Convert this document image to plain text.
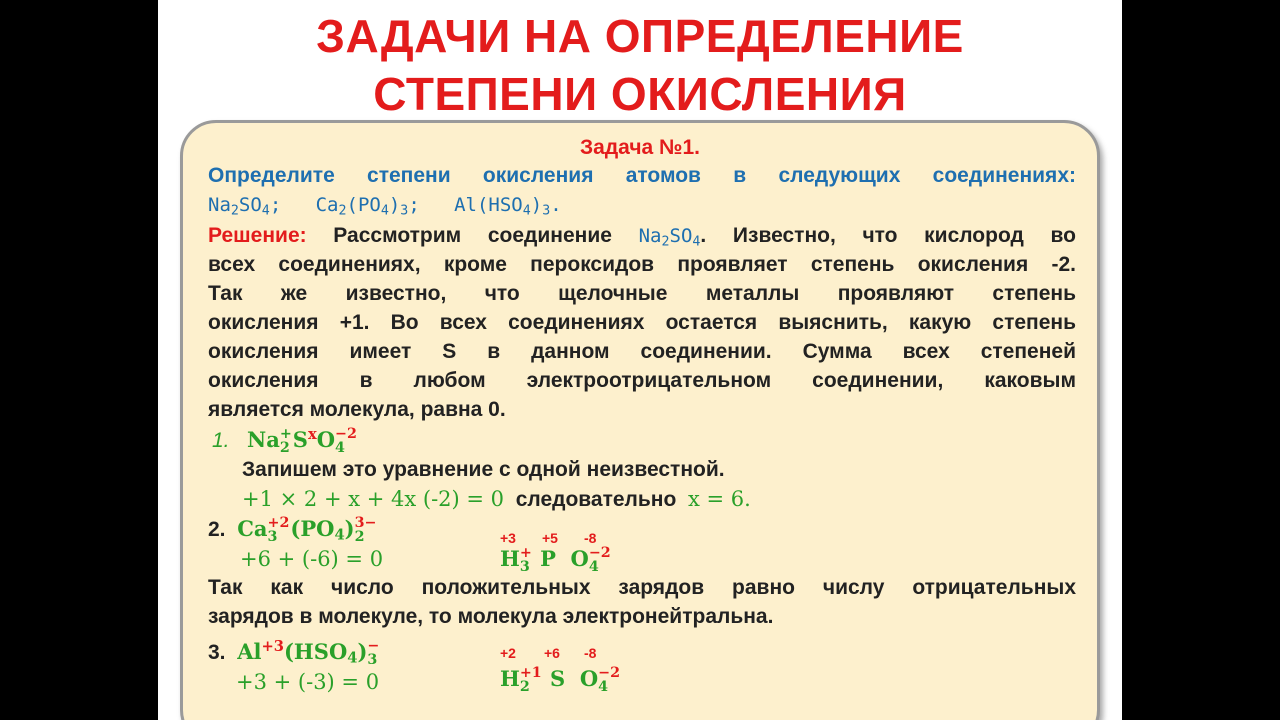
ЗАДАЧИ НА ОПРЕДЕЛЕНИЕ
СТЕПЕНИ ОКИСЛЕНИЯ
Задача №1.
Определите степени окисления атомов в следующих соединениях:
$Na_2SO_4$; $Ca_2(PO_4)_3$; $Al(HSO_4)_3$.
Решение: Рассмотрим соединение $Na_2SO_4$. Известно, что кислород во
всех соединениях, кроме пероксидов проявляет степень окисления -2.
Так же известно, что щелочные металлы проявляют степень
окисления +1. Во всех соединениях остается выяснить, какую степень
окисления имеет S в данном соединении. Сумма всех степеней
окисления в любом электроотрицательном соединении, каковым
является молекула, равна 0.
1. Na +
2 $S^xO -2$
4
Запишем это уравнение с одной неизвестной.
+1 × 2 + x + 4x (-2) = 0 следовательно x = 6.
2. Ca +2
3 $(PO_4)$ 3−
2
+6 + (-6) = 0
+3 +5 -8
H +
3 P O −2
4
Так как число положительных зарядов равно числу отрицательных
зарядов в молекуле, то молекула электронейтральна.
3. $Al^{+3}(HSO_4)$ −
3
+3 + (-3) = 0
+2 +6 -8
H +1
2 S O −2
4
